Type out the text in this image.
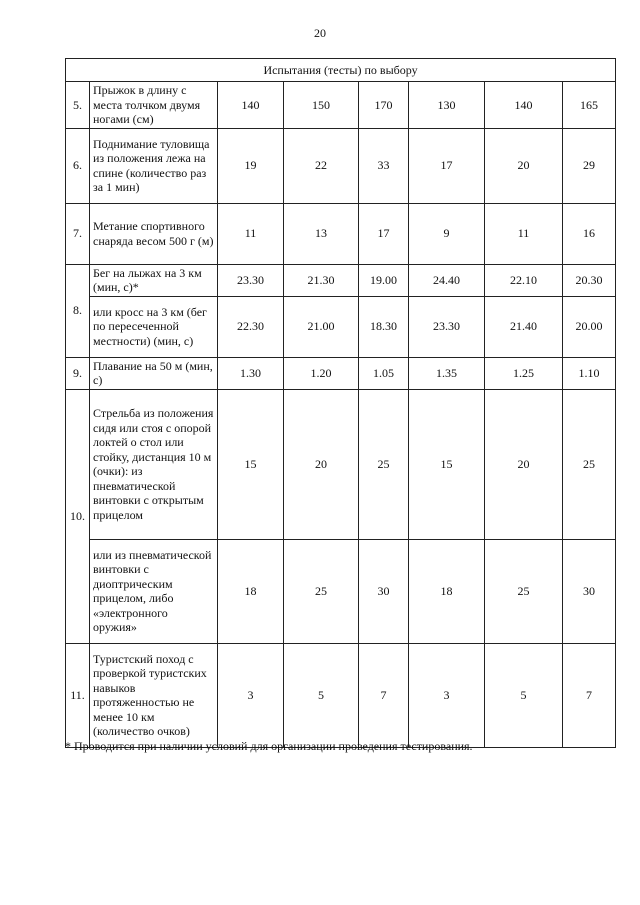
20
Испытания (тесты) по выбору							
5.	Прыжок в длину с места толчком двумя ногами (см)	140	150	170	130	140	165
6.	Поднимание туловища из положения лежа на спине (количество раз за 1 мин)	19	22	33	17	20	29
7.	Метание спортивного снаряда весом 500 г (м)	11	13	17	9	11	16
8.	Бег на лыжах на 3 км (мин, с)*	23.30	21.30	19.00	24.40	22.10	20.30
	или кросс на 3 км (бег по пересеченной местности) (мин, с)	22.30	21.00	18.30	23.30	21.40	20.00
9.	Плавание на 50 м (мин, с)	1.30	1.20	1.05	1.35	1.25	1.10
10.	Стрельба из положения сидя или стоя с опорой локтей о стол или стойку, дистанция 10 м (очки): из пневматической винтовки с открытым прицелом	15	20	25	15	20	25
	или из пневматической винтовки с диоптрическим прицелом, либо «электронного оружия»	18	25	30	18	25	30
11.	Туристский поход с проверкой туристских навыков протяженностью не менее 10 км (количество очков)	3	5	7	3	5	7
* Проводится при наличии условий для организации проведения тестирования.
